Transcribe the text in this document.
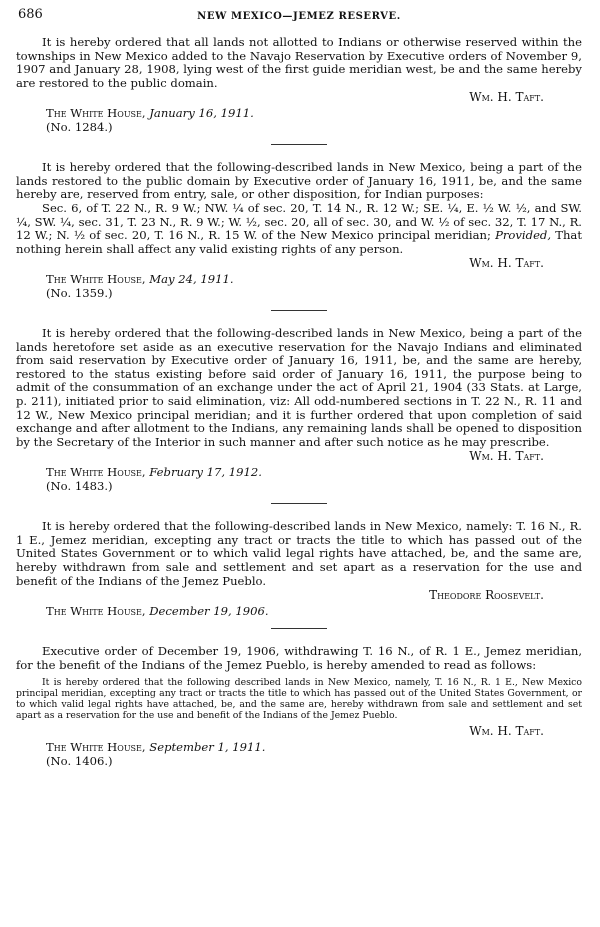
686	NEW MEXICO—JEMEZ RESERVE.

It is hereby ordered that all lands not allotted to Indians or otherwise reserved within the townships in New Mexico added to the Navajo Reservation by Executive orders of November 9, 1907 and January 28, 1908, lying west of the first guide meridian west, be and the same hereby are restored to the public domain.

Wm. H. Taft.
The White House, January 16, 1911.
(No. 1284.)

It is hereby ordered that the following-described lands in New Mexico, being a part of the lands restored to the public domain by Executive order of January 16, 1911, be, and the same hereby are, reserved from entry, sale, or other disposition, for Indian purposes:

Sec. 6, of T. 22 N., R. 9 W.; NW. ¼ of sec. 20, T. 14 N., R. 12 W.; SE. ¼, E. ½ W. ½, and SW. ¼, SW. ¼, sec. 31, T. 23 N., R. 9 W.; W. ½, sec. 20, all of sec. 30, and W. ½ of sec. 32, T. 17 N., R. 12 W.; N. ½ of sec. 20, T. 16 N., R. 15 W. of the New Mexico principal meridian; Provided, That nothing herein shall affect any valid existing rights of any person.

Wm. H. Taft.
The White House, May 24, 1911.
(No. 1359.)

It is hereby ordered that the following-described lands in New Mexico, being a part of the lands heretofore set aside as an executive reservation for the Navajo Indians and eliminated from said reservation by Executive order of January 16, 1911, be, and the same are hereby, restored to the status existing before said order of January 16, 1911, the purpose being to admit of the consummation of an exchange under the act of April 21, 1904 (33 Stats. at Large, p. 211), initiated prior to said elimination, viz: All odd-numbered sections in T. 22 N., R. 11 and 12 W., New Mexico principal meridian; and it is further ordered that upon completion of said exchange and after allotment to the Indians, any remaining lands shall be opened to disposition by the Secretary of the Interior in such manner and after such notice as he may prescribe.

Wm. H. Taft.
The White House, February 17, 1912.
(No. 1483.)

It is hereby ordered that the following-described lands in New Mexico, namely: T. 16 N., R. 1 E., Jemez meridian, excepting any tract or tracts the title to which has passed out of the United States Government or to which valid legal rights have attached, be, and the same are, hereby withdrawn from sale and settlement and set apart as a reservation for the use and benefit of the Indians of the Jemez Pueblo.

Theodore Roosevelt.
The White House, December 19, 1906.

Executive order of December 19, 1906, withdrawing T. 16 N., of R. 1 E., Jemez meridian, for the benefit of the Indians of the Jemez Pueblo, is hereby amended to read as follows:

It is hereby ordered that the following described lands in New Mexico, namely, T. 16 N., R. 1 E., New Mexico principal meridian, excepting any tract or tracts the title to which has passed out of the United States Government, or to which valid legal rights have attached, be, and the same are, hereby withdrawn from sale and settlement and set apart as a reservation for the use and benefit of the Indians of the Jemez Pueblo.

Wm. H. Taft.
The White House, September 1, 1911.
(No. 1406.)
